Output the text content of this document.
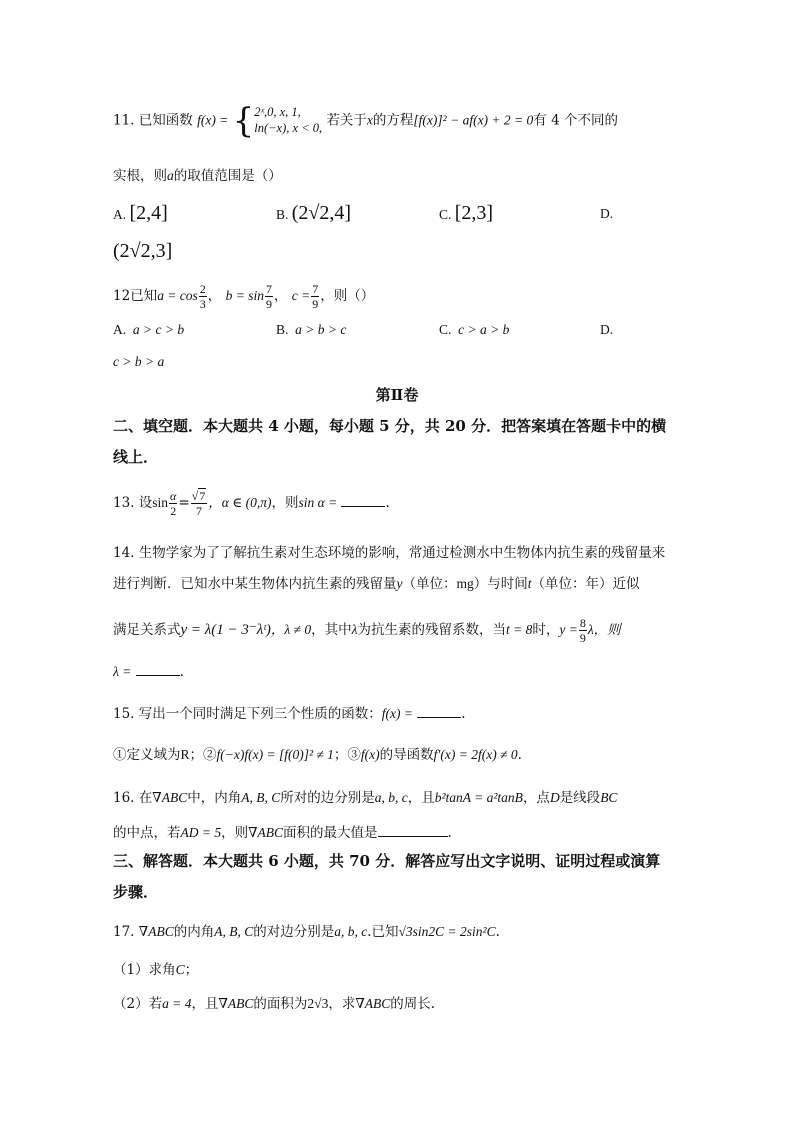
11. 已知函数 f(x) = { 2ˣ,0, x, 1,
ln(−x), x < 0, 若关于x的方程[f(x)]² − af(x) + 2 = 0有 4 个不同的
实根，则a的取值范围是（）
A. [2,4]	B. (2√2,4]	C. [2,3]	D.
(2√2,3]
12已知$a = \cos \frac{2}{3}$ ， $b = \sin \frac{7}{9}$ ， $c = \frac{7}{9}$ ，则（）
A. a > c > b	B. a > b > c	C. c > a > b	D.
c > b > a
第Ⅱ卷
二、填空题．本大题共 4 小题，每小题 5 分，共 20 分．把答案填在答题卡中的横
线上．
13. 设$\sin \frac{\alpha}{2} = \frac{√7}{7}$ ，α ∈ (0,π)，则sin α =	.
14. 生物学家为了了解抗生素对生态环境的影响，常通过检测水中生物体内抗生素的残留量来
进行判断．已知水中某生物体内抗生素的残留量y（单位：mg）与时间t（单位：年）近似
满足关系式y = λ(1 − 3⁻λᵗ)，λ ≠ 0，其中λ为抗生素的残留系数，当t = 8时，$y = \frac{8}{9}$ λ，则
λ =	.
15. 写出一个同时满足下列三个性质的函数：f(x) =	.
①定义域为R；②f(−x)f(x) = [f(0)]² ≠ 1；③f(x)的导函数f′(x) = 2f(x) ≠ 0.
16. 在∇ABC中，内角A, B, C所对的边分别是a, b, c，且b²tanA = a²tanB，点D是线段BC
的中点，若AD = 5，则∇ABC面积的最大值是	.
三、解答题．本大题共 6 小题，共 70 分．解答应写出文字说明、证明过程或演算
步骤．
17. ∇ABC的内角A, B, C的对边分别是a, b, c.已知√3sin2C = 2sin²C.
（1）求角C；
（2）若a = 4，且∇ABC的面积为2√3，求∇ABC的周长.
